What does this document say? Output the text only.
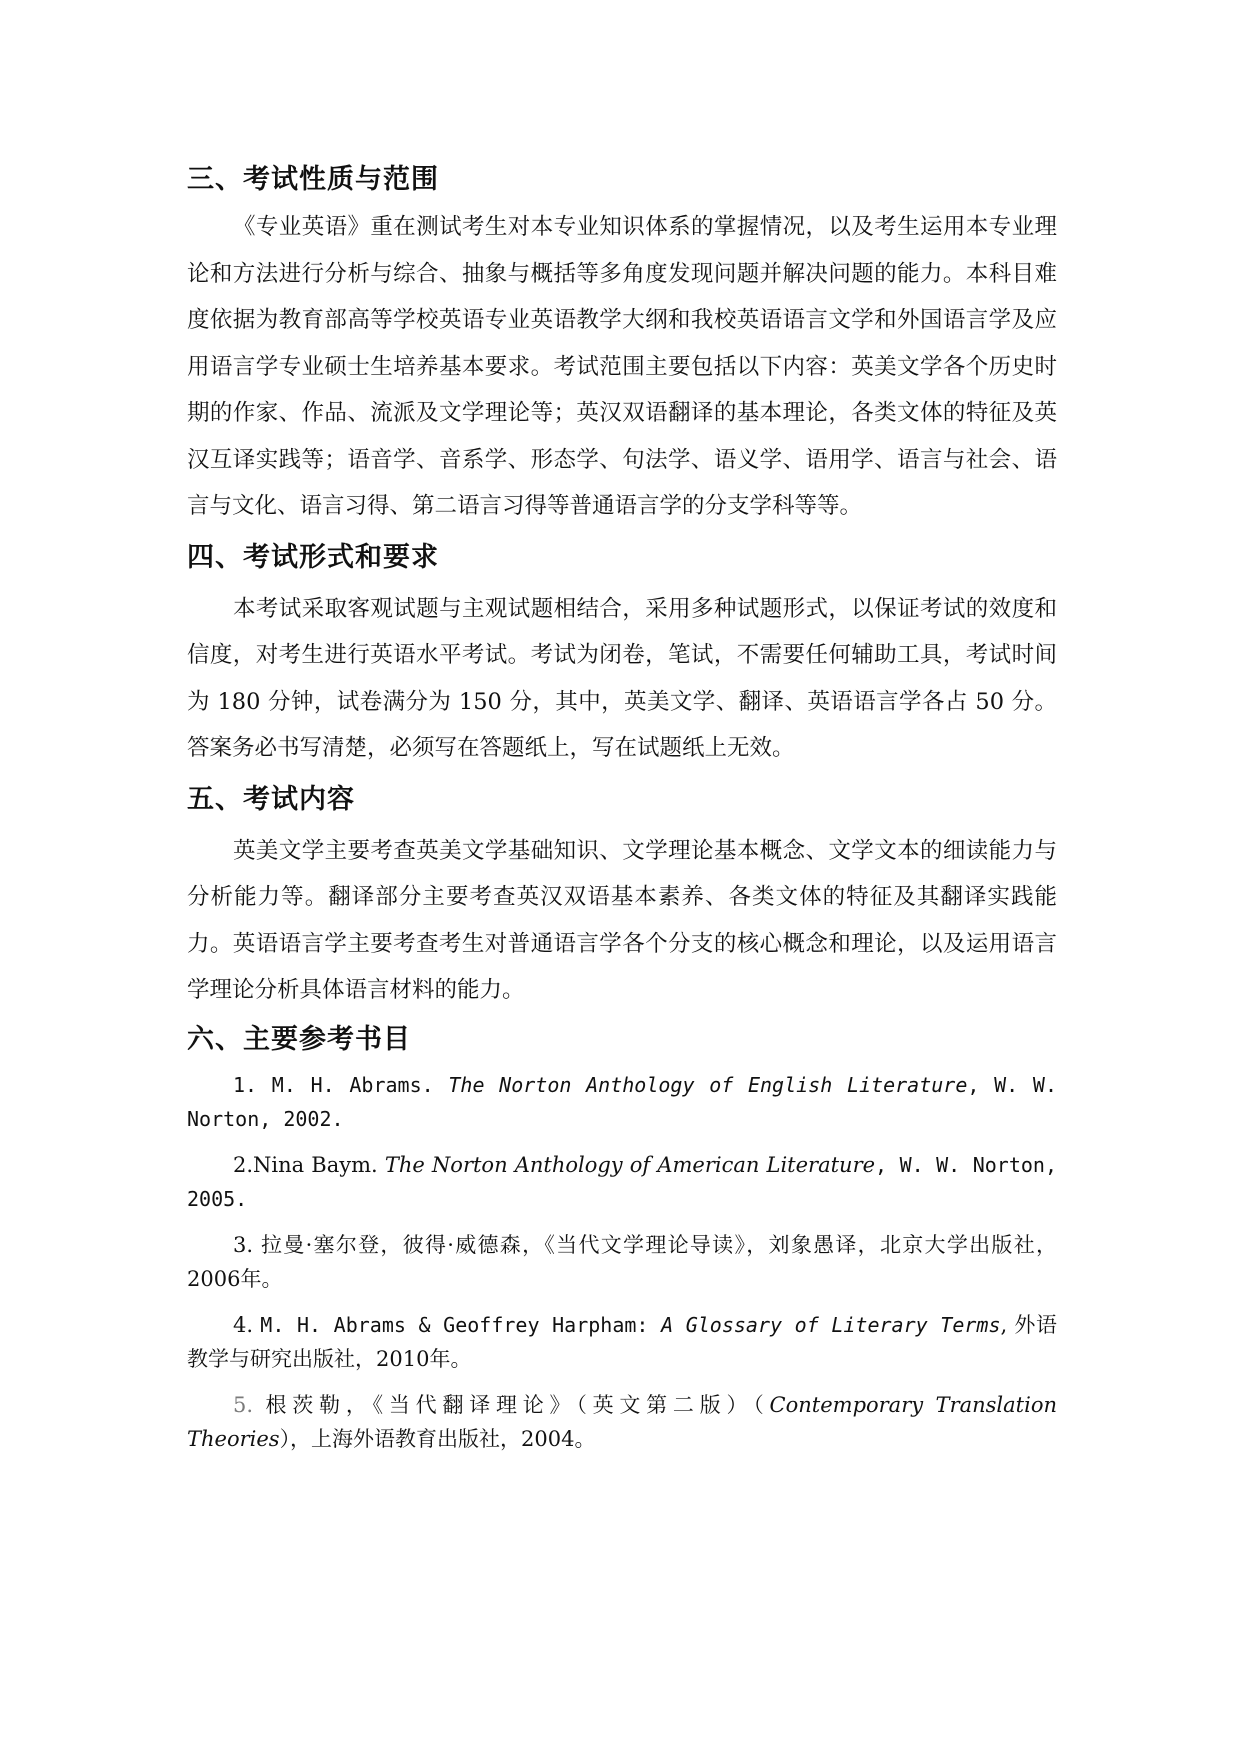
三、考试性质与范围

《专业英语》重在测试考生对本专业知识体系的掌握情况，以及考生运用本专业理论和方法进行分析与综合、抽象与概括等多角度发现问题并解决问题的能力。本科目难度依据为教育部高等学校英语专业英语教学大纲和我校英语语言文学和外国语言学及应用语言学专业硕士生培养基本要求。考试范围主要包括以下内容：英美文学各个历史时期的作家、作品、流派及文学理论等；英汉双语翻译的基本理论，各类文体的特征及英汉互译实践等；语音学、音系学、形态学、句法学、语义学、语用学、语言与社会、语言与文化、语言习得、第二语言习得等普通语言学的分支学科等等。

四、考试形式和要求

本考试采取客观试题与主观试题相结合，采用多种试题形式，以保证考试的效度和信度，对考生进行英语水平考试。考试为闭卷，笔试，不需要任何辅助工具，考试时间为 180 分钟，试卷满分为 150 分，其中，英美文学、翻译、英语语言学各占 50 分。答案务必书写清楚，必须写在答题纸上，写在试题纸上无效。

五、考试内容

英美文学主要考查英美文学基础知识、文学理论基本概念、文学文本的细读能力与分析能力等。翻译部分主要考查英汉双语基本素养、各类文体的特征及其翻译实践能力。英语语言学主要考查考生对普通语言学各个分支的核心概念和理论，以及运用语言学理论分析具体语言材料的能力。

六、主要参考书目

1. M. H. Abrams. The Norton Anthology of English Literature, W. W. Norton, 2002.

2.Nina Baym. The Norton Anthology of American Literature, W. W. Norton, 2005.

3. 拉曼·塞尔登，彼得·威德森，《当代文学理论导读》，刘象愚译，北京大学出版社，2006年。

4. M. H. Abrams & Geoffrey Harpham: A Glossary of Literary Terms, 外语教学与研究出版社，2010年。

5. 根茨勒，《当代翻译理论》（英文第二版）（Contemporary Translation Theories），上海外语教育出版社，2004。
